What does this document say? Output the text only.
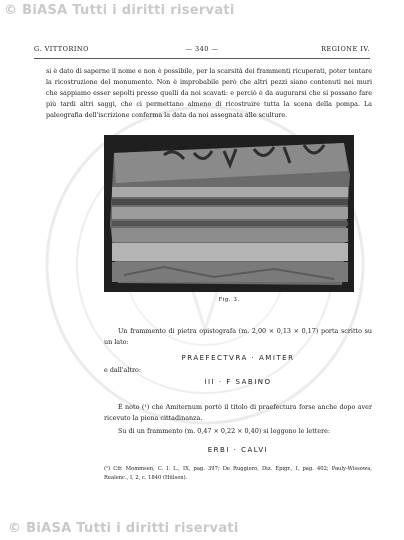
© BiASA Tutti i diritti riservati
G. VITTORINO	— 340 —	REGIONE IV.

si è dato di saperne il nome e non è possibile, per la scarsità dei frammenti ricuperati, poter tentare la ricostruzione del monumento. Non è improbabile però che altri pezzi siano contenuti nei muri che sappiamo esser sepolti presso quelli da noi scavati: e perciò è da augurarsi che si possano fare più tardi altri saggi, che ci permettano almeno di ricostruire tutta la scena della pompa. La paleografia dell'iscrizione conferma la data da noi assegnata alle sculture.

Fig. 3.

Un frammento di pietra opistografa (m. 2,00 × 0,13 × 0,17) porta scritto su un lato:

PRAEFECTVRA · AMITER
e dall'altro:
III · F SABINO

È noto (¹) che Amiternum portò il titolo di praefectura forse anche dopo aver ricevuto la piena cittadinanza.

Su di un frammento (m. 0,47 × 0,22 × 0,40) si leggono le lettere:

ERBI · CALVI
(¹) Cfr. Mommsen, C. I. L., IX, pag. 397; De Ruggiero, Diz. Epigr., I, pag. 402; Pauly-Wissowa, Realenc., I, 2, c. 1840 (Hülsen).
© BiASA Tutti i diritti riservati
